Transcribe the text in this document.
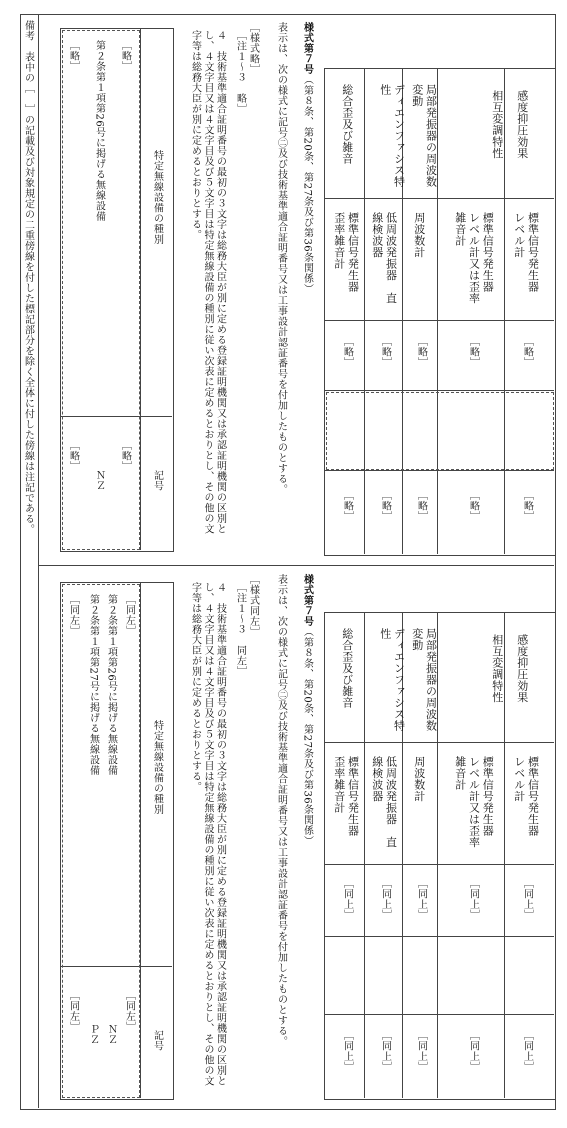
備考　表中の［　］の記載及び対象規定の二重傍線を付した標記部分を除く全体に付した傍線は注記である。	感度抑圧効果
相互変調特性
局部発振器の周波数変動
ディエンファシス特性
総合歪及び雑音
標準信号発生器　レベル計
標準信号発生器　レベル計又は歪率雑音計
周波数計
低周波発振器　直線検波器
標準信号発生器　歪率雑音計
［略］
［略］
［略］
［略］
［略］
［略］
［略］
［略］
［略］
［略］
様式第７号（第８条、第20条、第27条及び第36条関係）
表示は、次の様式に記号㊁及び技術基準適合証明番号又は工事設計認証番号を付加したものとする。
［様式略］
［注１～３　略］
４　技術基準適合証明番号の最初の３文字は総務大臣が別に定める登録証明機関又は承認証明機関の区別とし、４文字目又は４文字目及び５文字目は特定無線設備の種別に従い次表に定めるとおりとし、その他の文字等は総務大臣が別に定めるとおりとする。
特定無線設備の種別
記号
［略］
［略］
第２条第１項第26号に掲げる無線設備
ＮＺ
［略］
［略］
感度抑圧効果
相互変調特性
局部発振器の周波数変動
ディエンファシス特性
総合歪及び雑音
標準信号発生器　レベル計
標準信号発生器　レベル計又は歪率雑音計
周波数計
低周波発振器　直線検波器
標準信号発生器　歪率雑音計
［同上］
［同上］
［同上］
［同上］
［同上］
［同上］
［同上］
［同上］
［同上］
［同上］
様式第７号（第８条、第20条、第27条及び第36条関係）
表示は、次の様式に記号㊁及び技術基準適合証明番号又は工事設計認証番号を付加したものとする。
［様式同左］
［注１～３　同左］
４　技術基準適合証明番号の最初の３文字は総務大臣が別に定める登録証明機関又は承認証明機関の区別とし、４文字目又は４文字目及び５文字目は特定無線設備の種別に従い次表に定めるとおりとし、その他の文字等は総務大臣が別に定めるとおりとする。
特定無線設備の種別
記号
［同左］
［同左］
第２条第１項第26号に掲げる無線設備
ＮＺ
第２条第１項第27号に掲げる無線設備
ＰＺ
［同左］
［同左］
